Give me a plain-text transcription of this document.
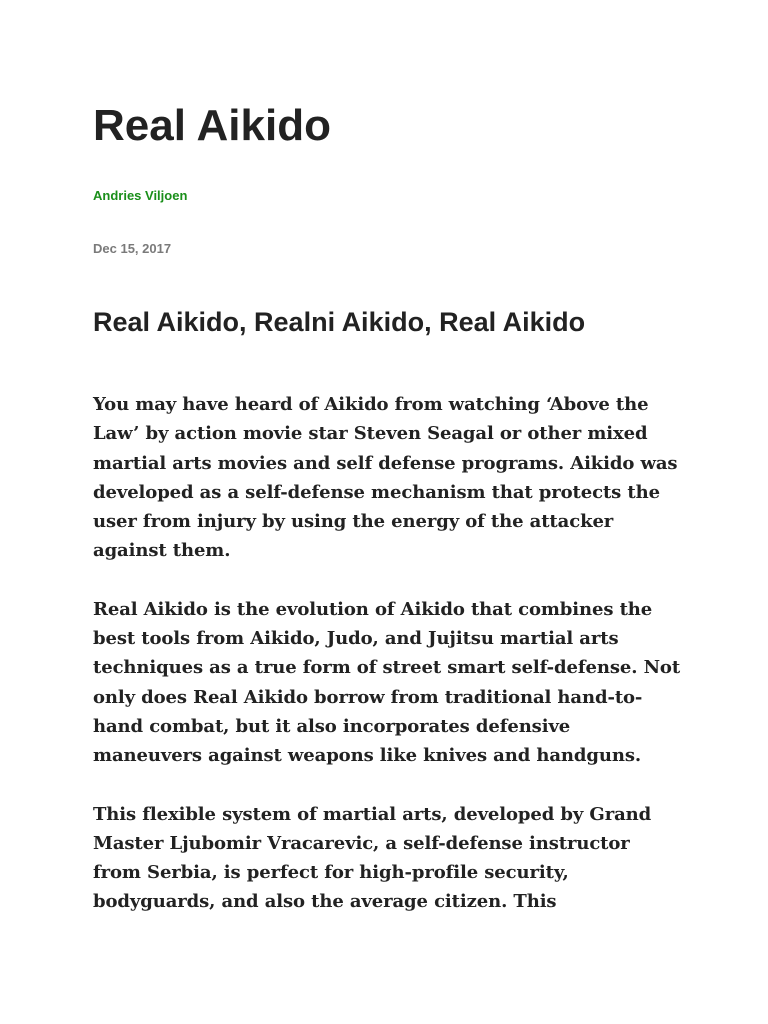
Real Aikido
Andries Viljoen
Dec 15, 2017
Real Aikido, Realni Aikido, Real Aikido

You may have heard of Aikido from watching ‘Above the Law’ by action movie star Steven Seagal or other mixed martial arts movies and self defense programs. Aikido was developed as a self-defense mechanism that protects the user from injury by using the energy of the attacker against them.

Real Aikido is the evolution of Aikido that combines the best tools from Aikido, Judo, and Jujitsu martial arts techniques as a true form of street smart self-defense. Not only does Real Aikido borrow from traditional hand-to-hand combat, but it also incorporates defensive maneuvers against weapons like knives and handguns.

This flexible system of martial arts, developed by Grand Master Ljubomir Vracarevic, a self-defense instructor from Serbia, is perfect for high-profile security, bodyguards, and also the average citizen. This
